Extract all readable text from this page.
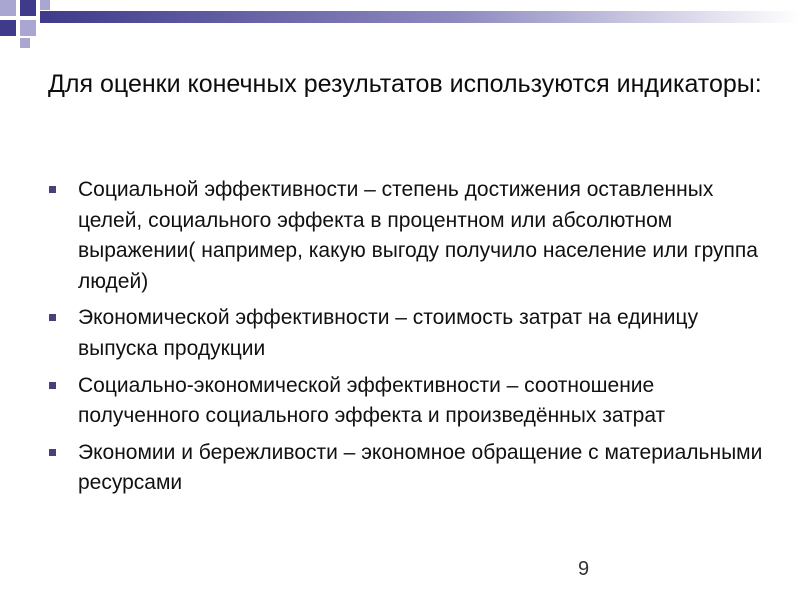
Для оценки конечных результатов используются индикаторы:
Социальной эффективности – степень достижения оставленных целей, социального эффекта в процентном или абсолютном выражении( например, какую выгоду получило население или группа людей)
Экономической эффективности – стоимость затрат на единицу выпуска продукции
Социально-экономической эффективности – соотношение полученного социального эффекта и произведённых затрат
Экономии и бережливости – экономное обращение с материальными ресурсами
9
